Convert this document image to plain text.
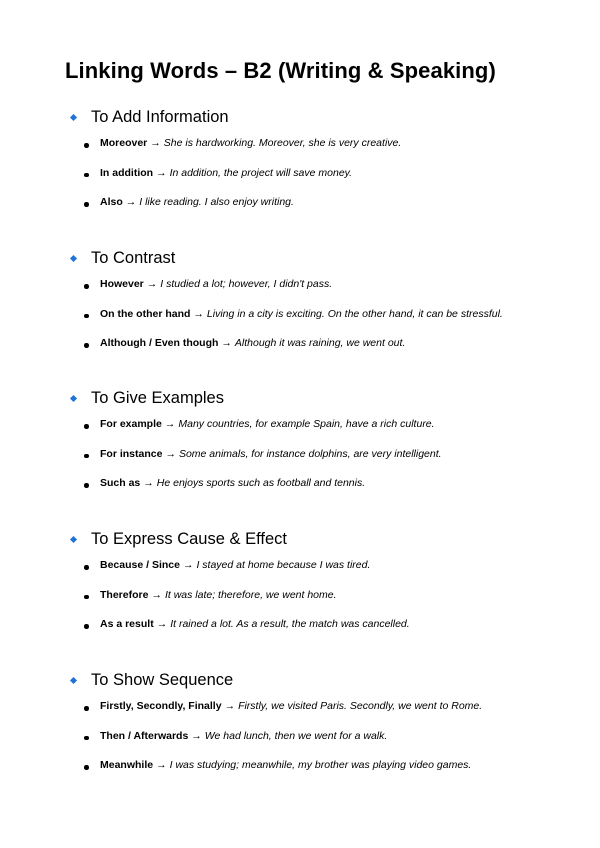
Linking Words – B2 (Writing & Speaking)
To Add Information
Moreover → She is hardworking. Moreover, she is very creative.
In addition → In addition, the project will save money.
Also → I like reading. I also enjoy writing.
To Contrast
However → I studied a lot; however, I didn't pass.
On the other hand → Living in a city is exciting. On the other hand, it can be stressful.
Although / Even though → Although it was raining, we went out.
To Give Examples
For example → Many countries, for example Spain, have a rich culture.
For instance → Some animals, for instance dolphins, are very intelligent.
Such as → He enjoys sports such as football and tennis.
To Express Cause & Effect
Because / Since → I stayed at home because I was tired.
Therefore → It was late; therefore, we went home.
As a result → It rained a lot. As a result, the match was cancelled.
To Show Sequence
Firstly, Secondly, Finally → Firstly, we visited Paris. Secondly, we went to Rome.
Then / Afterwards → We had lunch, then we went for a walk.
Meanwhile → I was studying; meanwhile, my brother was playing video games.
